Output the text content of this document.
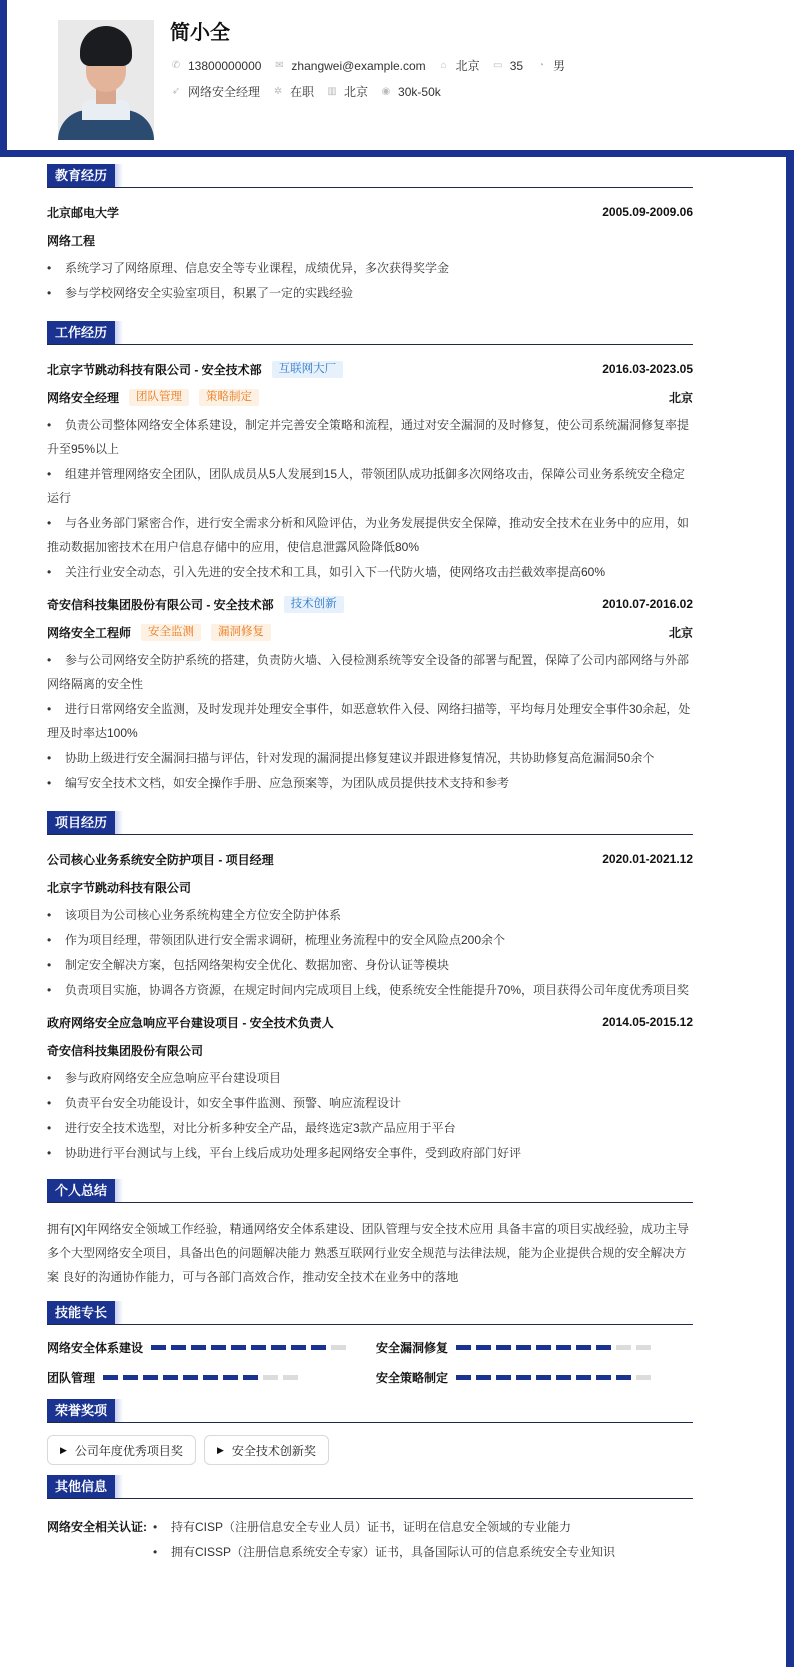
简小全
✆ 13800000000 ✉ zhangwei@example.com ⌂ 北京 ▭ 35 ◔ 男
➶ 网络安全经理 ✲ 在职 ▥ 北京 ◉ 30k-50k
教育经历
北京邮电大学	2005.09-2009.06
网络工程
• 系统学习了网络原理、信息安全等专业课程，成绩优异，多次获得奖学金
• 参与学校网络安全实验室项目，积累了一定的实践经验
工作经历
北京字节跳动科技有限公司 - 安全技术部	互联网大厂	2016.03-2023.05
网络安全经理	团队管理	策略制定	北京
• 负责公司整体网络安全体系建设，制定并完善安全策略和流程，通过对安全漏洞的及时修复，使公司系统漏洞修复率提升至95%以上
• 组建并管理网络安全团队，团队成员从5人发展到15人，带领团队成功抵御多次网络攻击，保障公司业务系统安全稳定运行
• 与各业务部门紧密合作，进行安全需求分析和风险评估，为业务发展提供安全保障，推动安全技术在业务中的应用，如推动数据加密技术在用户信息存储中的应用，使信息泄露风险降低80%
• 关注行业安全动态，引入先进的安全技术和工具，如引入下一代防火墙，使网络攻击拦截效率提高60%
奇安信科技集团股份有限公司 - 安全技术部	技术创新	2010.07-2016.02
网络安全工程师	安全监测	漏洞修复	北京
• 参与公司网络安全防护系统的搭建，负责防火墙、入侵检测系统等安全设备的部署与配置，保障了公司内部网络与外部网络隔离的安全性
• 进行日常网络安全监测，及时发现并处理安全事件，如恶意软件入侵、网络扫描等，平均每月处理安全事件30余起，处理及时率达100%
• 协助上级进行安全漏洞扫描与评估，针对发现的漏洞提出修复建议并跟进修复情况，共协助修复高危漏洞50余个
• 编写安全技术文档，如安全操作手册、应急预案等，为团队成员提供技术支持和参考
项目经历
公司核心业务系统安全防护项目 - 项目经理	2020.01-2021.12
北京字节跳动科技有限公司
• 该项目为公司核心业务系统构建全方位安全防护体系
• 作为项目经理，带领团队进行安全需求调研，梳理业务流程中的安全风险点200余个
• 制定安全解决方案，包括网络架构安全优化、数据加密、身份认证等模块
• 负责项目实施，协调各方资源，在规定时间内完成项目上线，使系统安全性能提升70%，项目获得公司年度优秀项目奖
政府网络安全应急响应平台建设项目 - 安全技术负责人	2014.05-2015.12
奇安信科技集团股份有限公司
• 参与政府网络安全应急响应平台建设项目
• 负责平台安全功能设计，如安全事件监测、预警、响应流程设计
• 进行安全技术选型，对比分析多种安全产品，最终选定3款产品应用于平台
• 协助进行平台测试与上线，平台上线后成功处理多起网络安全事件，受到政府部门好评
个人总结

拥有[X]年网络安全领域工作经验，精通网络安全体系建设、团队管理与安全技术应用 具备丰富的项目实战经验，成功主导多个大型网络安全项目，具备出色的问题解决能力 熟悉互联网行业安全规范与法律法规，能为企业提供合规的安全解决方案 良好的沟通协作能力，可与各部门高效合作，推动安全技术在业务中的落地

技能专长
网络安全体系建设	安全漏洞修复
团队管理	安全策略制定
荣誉奖项
▶ 公司年度优秀项目奖	▶ 安全技术创新奖
其他信息
网络安全相关认证:	• 持有CISP（注册信息安全专业人员）证书，证明在信息安全领域的专业能力
• 拥有CISSP（注册信息系统安全专家）证书，具备国际认可的信息系统安全专业知识
